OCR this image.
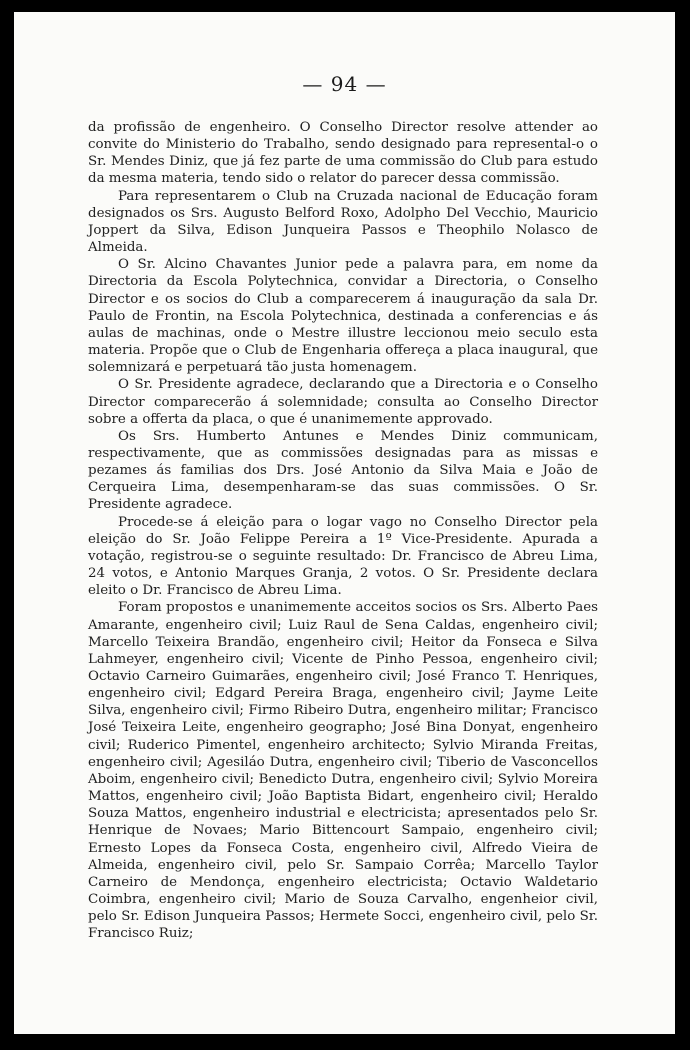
— 94 —

da profissão de engenheiro. O Conselho Director resolve attender ao convite do Ministerio do Trabalho, sendo designado para represental-o o Sr. Mendes Diniz, que já fez parte de uma commissão do Club para estudo da mesma materia, tendo sido o relator do parecer dessa commissão.

Para representarem o Club na Cruzada nacional de Educação foram designados os Srs. Augusto Belford Roxo, Adolpho Del Vecchio, Mauricio Joppert da Silva, Edison Junqueira Passos e Theophilo Nolasco de Almeida.

O Sr. Alcino Chavantes Junior pede a palavra para, em nome da Directoria da Escola Polytechnica, convidar a Directoria, o Conselho Director e os socios do Club a comparecerem á inauguração da sala Dr. Paulo de Frontin, na Escola Polytechnica, destinada a conferencias e ás aulas de machinas, onde o Mestre illustre leccionou meio seculo esta materia. Propõe que o Club de Engenharia offereça a placa inaugural, que solemnizará e perpetuará tão justa homenagem.

O Sr. Presidente agradece, declarando que a Directoria e o Conselho Director comparecerão á solemnidade; consulta ao Conselho Director sobre a offerta da placa, o que é unanimemente approvado.

Os Srs. Humberto Antunes e Mendes Diniz communicam, respectivamente, que as commissões designadas para as missas e pezames ás familias dos Drs. José Antonio da Silva Maia e João de Cerqueira Lima, desempenharam-se das suas commissões. O Sr. Presidente agradece.

Procede-se á eleição para o logar vago no Conselho Director pela eleição do Sr. João Felippe Pereira a 1º Vice-Presidente. Apurada a votação, registrou-se o seguinte resultado: Dr. Francisco de Abreu Lima, 24 votos, e Antonio Marques Granja, 2 votos. O Sr. Presidente declara eleito o Dr. Francisco de Abreu Lima.

Foram propostos e unanimemente acceitos socios os Srs. Alberto Paes Amarante, engenheiro civil; Luiz Raul de Sena Caldas, engenheiro civil; Marcello Teixeira Brandão, engenheiro civil; Heitor da Fonseca e Silva Lahmeyer, engenheiro civil; Vicente de Pinho Pessoa, engenheiro civil; Octavio Carneiro Guimarães, engenheiro civil; José Franco T. Henriques, engenheiro civil; Edgard Pereira Braga, engenheiro civil; Jayme Leite Silva, engenheiro civil; Firmo Ribeiro Dutra, engenheiro militar; Francisco José Teixeira Leite, engenheiro geographo; José Bina Donyat, engenheiro civil; Ruderico Pimentel, engenheiro architecto; Sylvio Miranda Freitas, engenheiro civil; Agesiláo Dutra, engenheiro civil; Tiberio de Vasconcellos Aboim, engenheiro civil; Benedicto Dutra, engenheiro civil; Sylvio Moreira Mattos, engenheiro civil; João Baptista Bidart, engenheiro civil; Heraldo Souza Mattos, engenheiro industrial e electricista; apresentados pelo Sr. Henrique de Novaes; Mario Bittencourt Sampaio, engenheiro civil; Ernesto Lopes da Fonseca Costa, engenheiro civil, Alfredo Vieira de Almeida, engenheiro civil, pelo Sr. Sampaio Corrêa; Marcello Taylor Carneiro de Mendonça, engenheiro electricista; Octavio Waldetario Coimbra, engenheiro civil; Mario de Souza Carvalho, engenheior civil, pelo Sr. Edison Junqueira Passos; Hermete Socci, engenheiro civil, pelo Sr. Francisco Ruiz;
